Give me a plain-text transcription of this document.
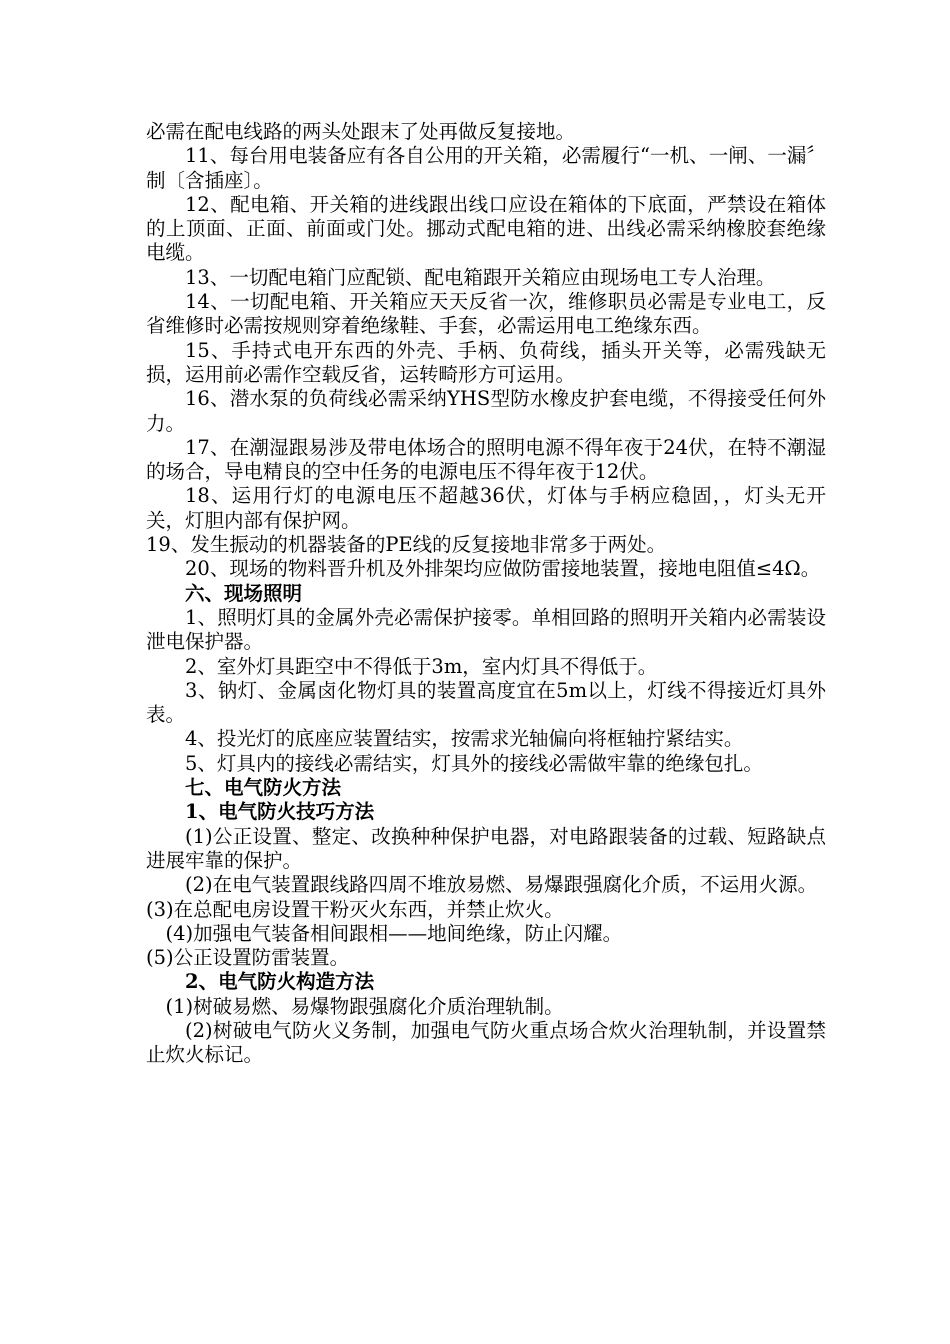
必需在配电线路的两头处跟末了处再做反复接地。

11、每台用电装备应有各自公用的开关箱，必需履行“一机、一闸、一漏〞制〔含插座〕。

12、配电箱、开关箱的进线跟出线口应设在箱体的下底面，严禁设在箱体的上顶面、正面、前面或门处。挪动式配电箱的进、出线必需采纳橡胶套绝缘电缆。

13、一切配电箱门应配锁、配电箱跟开关箱应由现场电工专人治理。

14、一切配电箱、开关箱应天天反省一次，维修职员必需是专业电工，反省维修时必需按规则穿着绝缘鞋、手套，必需运用电工绝缘东西。

15、手持式电开东西的外壳、手柄、负荷线，插头开关等，必需残缺无损，运用前必需作空载反省，运转畸形方可运用。

16、潜水泵的负荷线必需采纳YHS型防水橡皮护套电缆，不得接受任何外力。

17、在潮湿跟易涉及带电体场合的照明电源不得年夜于24伏，在特不潮湿的场合，导电精良的空中任务的电源电压不得年夜于12伏。

18、运用行灯的电源电压不超越36伏，灯体与手柄应稳固，，灯头无开关，灯胆内部有保护网。

19、发生振动的机器装备的PE线的反复接地非常多于两处。

20、现场的物料晋升机及外排架均应做防雷接地装置，接地电阻值≤4Ω。

六、现场照明

1、照明灯具的金属外壳必需保护接零。单相回路的照明开关箱内必需装设泄电保护器。

2、室外灯具距空中不得低于3m，室内灯具不得低于。

3、钠灯、金属卤化物灯具的装置高度宜在5m以上，灯线不得接近灯具外表。

4、投光灯的底座应装置结实，按需求光轴偏向将框轴拧紧结实。

5、灯具内的接线必需结实，灯具外的接线必需做牢靠的绝缘包扎。

七、电气防火方法

1、电气防火技巧方法

(1)公正设置、整定、改换种种保护电器，对电路跟装备的过载、短路缺点进展牢靠的保护。

(2)在电气装置跟线路四周不堆放易燃、易爆跟强腐化介质，不运用火源。

(3)在总配电房设置干粉灭火东西，并禁止炊火。

(4)加强电气装备相间跟相——地间绝缘，防止闪耀。

(5)公正设置防雷装置。

2、电气防火构造方法

(1)树破易燃、易爆物跟强腐化介质治理轨制。

(2)树破电气防火义务制，加强电气防火重点场合炊火治理轨制，并设置禁止炊火标记。
